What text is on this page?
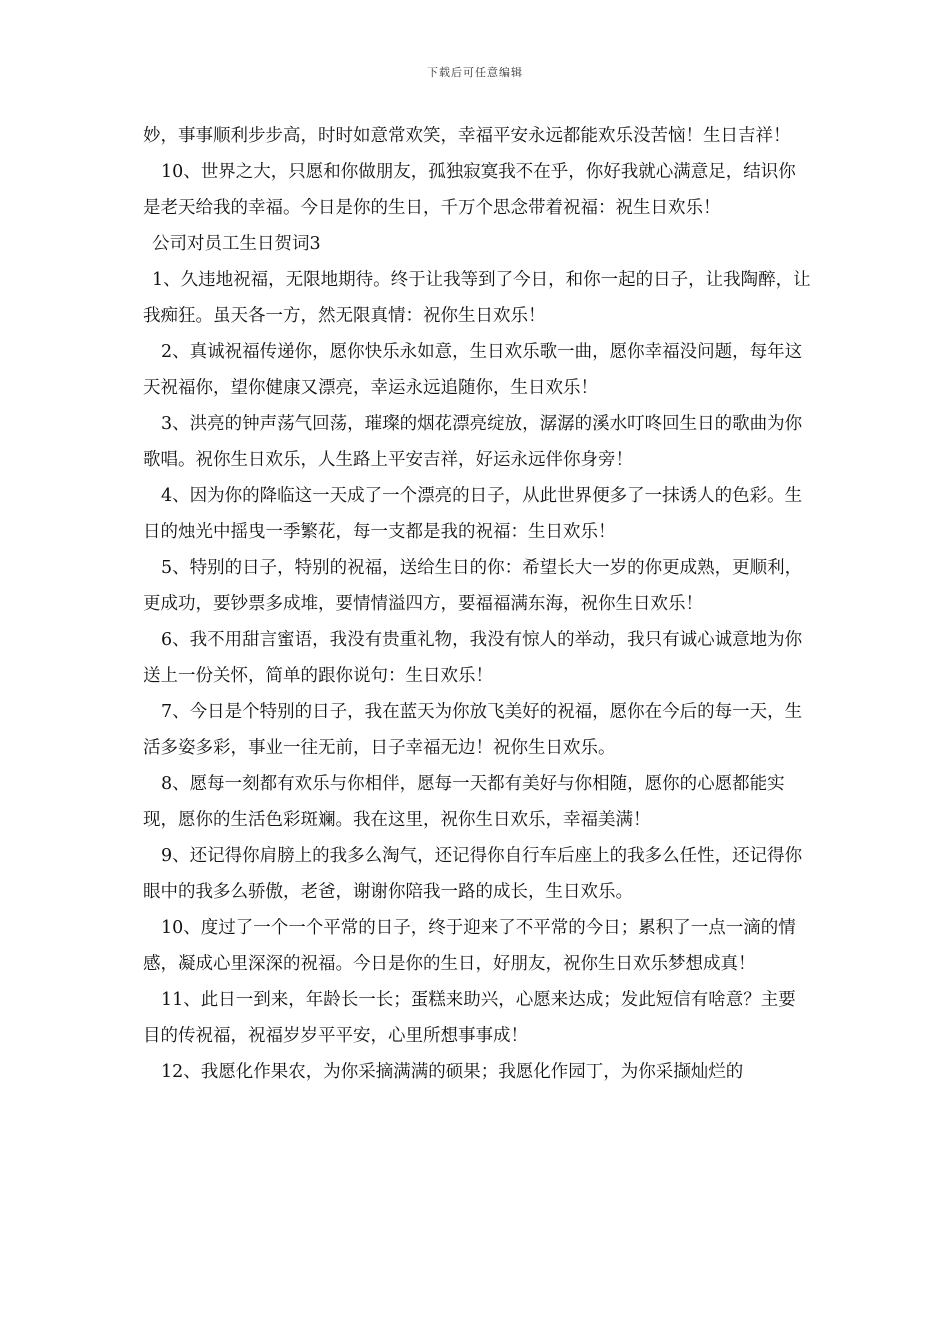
下载后可任意编辑

妙，事事顺利步步高，时时如意常欢笑，幸福平安永远都能欢乐没苦恼！生日吉祥！

10、世界之大，只愿和你做朋友，孤独寂寞我不在乎，你好我就心满意足，结识你是老天给我的幸福。今日是你的生日，千万个思念带着祝福：祝生日欢乐！

公司对员工生日贺词3

1、久违地祝福，无限地期待。终于让我等到了今日，和你一起的日子，让我陶醉，让我痴狂。虽天各一方，然无限真情：祝你生日欢乐！

2、真诚祝福传递你，愿你快乐永如意，生日欢乐歌一曲，愿你幸福没问题，每年这天祝福你，望你健康又漂亮，幸运永远追随你，生日欢乐！

3、洪亮的钟声荡气回荡，璀璨的烟花漂亮绽放，潺潺的溪水叮咚回生日的歌曲为你歌唱。祝你生日欢乐，人生路上平安吉祥，好运永远伴你身旁！

4、因为你的降临这一天成了一个漂亮的日子，从此世界便多了一抹诱人的色彩。生日的烛光中摇曳一季繁花，每一支都是我的祝福：生日欢乐！

5、特别的日子，特别的祝福，送给生日的你：希望长大一岁的你更成熟，更顺利，更成功，要钞票多成堆，要情情溢四方，要福福满东海，祝你生日欢乐！

6、我不用甜言蜜语，我没有贵重礼物，我没有惊人的举动，我只有诚心诚意地为你送上一份关怀，简单的跟你说句：生日欢乐！

7、今日是个特别的日子，我在蓝天为你放飞美好的祝福，愿你在今后的每一天，生活多姿多彩，事业一往无前，日子幸福无边！祝你生日欢乐。

8、愿每一刻都有欢乐与你相伴，愿每一天都有美好与你相随，愿你的心愿都能实现，愿你的生活色彩斑斓。我在这里，祝你生日欢乐，幸福美满！

9、还记得你肩膀上的我多么淘气，还记得你自行车后座上的我多么任性，还记得你眼中的我多么骄傲，老爸，谢谢你陪我一路的成长，生日欢乐。

10、度过了一个一个平常的日子，终于迎来了不平常的今日；累积了一点一滴的情感，凝成心里深深的祝福。今日是你的生日，好朋友，祝你生日欢乐梦想成真！

11、此日一到来，年龄长一长；蛋糕来助兴，心愿来达成；发此短信有啥意？主要目的传祝福，祝福岁岁平平安，心里所想事事成！

12、我愿化作果农，为你采摘满满的硕果；我愿化作园丁，为你采撷灿烂的
